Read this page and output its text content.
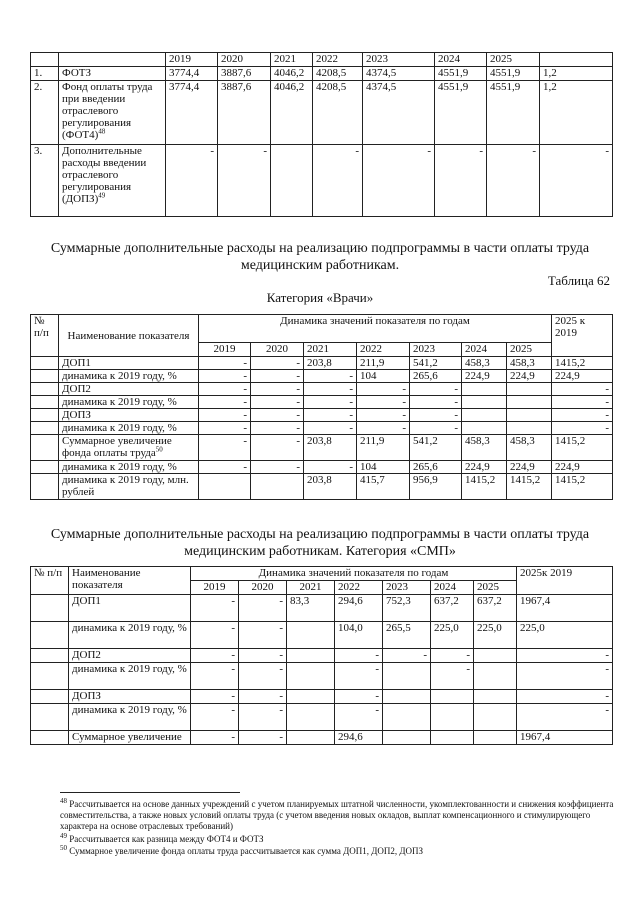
		2019	2020	2021	2022	2023	2024	2025	
1.	ФОТЗ	3774,4	3887,6	4046,2	4208,5	4374,5	4551,9	4551,9	1,2
2.	Фонд оплаты труда при введении отраслевого регулирования $(ФОТ4)^{48}$	3774,4	3887,6	4046,2	4208,5	4374,5	4551,9	4551,9	1,2
3.	Дополнительные расходы введении отраслевого регулирования (ДОПЗ)$^{49}$	-	-		-	-	-	-	-
Суммарные дополнительные расходы на реализацию подпрограммы в части оплаты труда медицинским работникам.
Таблица 62
Категория «Врачи»
№ п/п	Наименование показателя	Динамика значений показателя по годам							2025 к 2019
		2019	2020	2021	2022	2023	2024	2025	
	ДОП1	-	-	203,8	211,9	541,2	458,3	458,3	1415,2
	динамика к 2019 году, %	-	-	-	104	265,6	224,9	224,9	224,9
	ДОП2	-	-	-	-	-			-
	динамика к 2019 году, %	-	-	-	-	-			-
	ДОПЗ	-	-	-	-	-			-
	динамика к 2019 году, %	-	-	-	-	-			-
	Суммарное увеличение фонда оплаты труда$^{50}$	-	-	203,8	211,9	541,2	458,3	458,3	1415,2
	динамика к 2019 году, %	-	-	-	104	265,6	224,9	224,9	224,9
	динамика к 2019 году, млн. рублей			203,8	415,7	956,9	1415,2	1415,2	1415,2
Суммарные дополнительные расходы на реализацию подпрограммы в части оплаты труда медицинским работникам. Категория «СМП»
№ п/п	Наименование показателя	Динамика значений показателя по годам							2025к 2019
		2019	2020	2021	2022	2023	2024	2025	
	ДОП1	-	-	83,3	294,6	752,3	637,2	637,2	1967,4
	динамика к 2019 году, %	-	-		104,0	265,5	225,0	225,0	225,0
	ДОП2	-	-		-	-	-		-
	динамика к 2019 году, %	-	-		-		-		-
	ДОПЗ	-	-		-				-
	динамика к 2019 году, %	-	-		-				-
	Суммарное увеличение	-	-		294,6				1967,4
$^{48}$ Рассчитывается на основе данных учреждений с учетом планируемых штатной численности, укомплектованности и снижения коэффициента совместительства, а также новых условий оплаты труда (с учетом введения новых окладов, выплат компенсационного и стимулирующего характера на основе отраслевых требований)
$^{49}$ Рассчитывается как разница между ФОТ4 и ФОТЗ
$^{50}$ Суммарное увеличение фонда оплаты труда рассчитывается как сумма ДОП1, ДОП2, ДОПЗ
